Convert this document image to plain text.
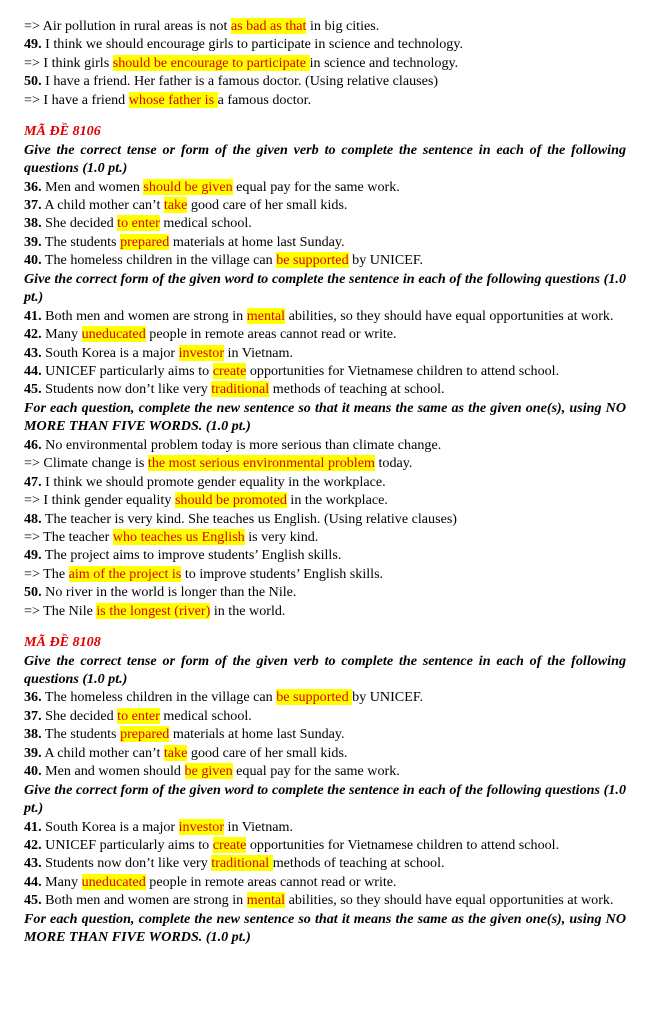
=> Air pollution in rural areas is not as bad as that in big cities.
49. I think we should encourage girls to participate in science and technology.
=> I think girls should be encourage to participate in science and technology.
50. I have a friend. Her father is a famous doctor. (Using relative clauses)
=> I have a friend whose father is a famous doctor.
MÃ ĐỀ 8106
Give the correct tense or form of the given verb to complete the sentence in each of the following questions (1.0 pt.)
36. Men and women should be given equal pay for the same work.
37. A child mother can’t take good care of her small kids.
38. She decided to enter medical school.
39. The students prepared materials at home last Sunday.
40. The homeless children in the village can be supported by UNICEF.
Give the correct form of the given word to complete the sentence in each of the following questions (1.0 pt.)
41. Both men and women are strong in mental abilities, so they should have equal opportunities at work.
42. Many uneducated people in remote areas cannot read or write.
43. South Korea is a major investor in Vietnam.
44. UNICEF particularly aims to create opportunities for Vietnamese children to attend school.
45. Students now don’t like very traditional methods of teaching at school.
For each question, complete the new sentence so that it means the same as the given one(s), using NO MORE THAN FIVE WORDS. (1.0 pt.)
46. No environmental problem today is more serious than climate change.
=> Climate change is the most serious environmental problem today.
47. I think we should promote gender equality in the workplace.
=> I think gender equality should be promoted in the workplace.
48. The teacher is very kind. She teaches us English. (Using relative clauses)
=> The teacher who teaches us English is very kind.
49. The project aims to improve students’ English skills.
=> The aim of the project is to improve students’ English skills.
50. No river in the world is longer than the Nile.
=> The Nile is the longest (river) in the world.
MÃ ĐỀ 8108
Give the correct tense or form of the given verb to complete the sentence in each of the following questions (1.0 pt.)
36. The homeless children in the village can be supported by UNICEF.
37. She decided to enter medical school.
38. The students prepared materials at home last Sunday.
39. A child mother can’t take good care of her small kids.
40. Men and women should be given equal pay for the same work.
Give the correct form of the given word to complete the sentence in each of the following questions (1.0 pt.)
41. South Korea is a major investor in Vietnam.
42. UNICEF particularly aims to create opportunities for Vietnamese children to attend school.
43. Students now don’t like very traditional methods of teaching at school.
44. Many uneducated people in remote areas cannot read or write.
45. Both men and women are strong in mental abilities, so they should have equal opportunities at work.
For each question, complete the new sentence so that it means the same as the given one(s), using NO MORE THAN FIVE WORDS. (1.0 pt.)
